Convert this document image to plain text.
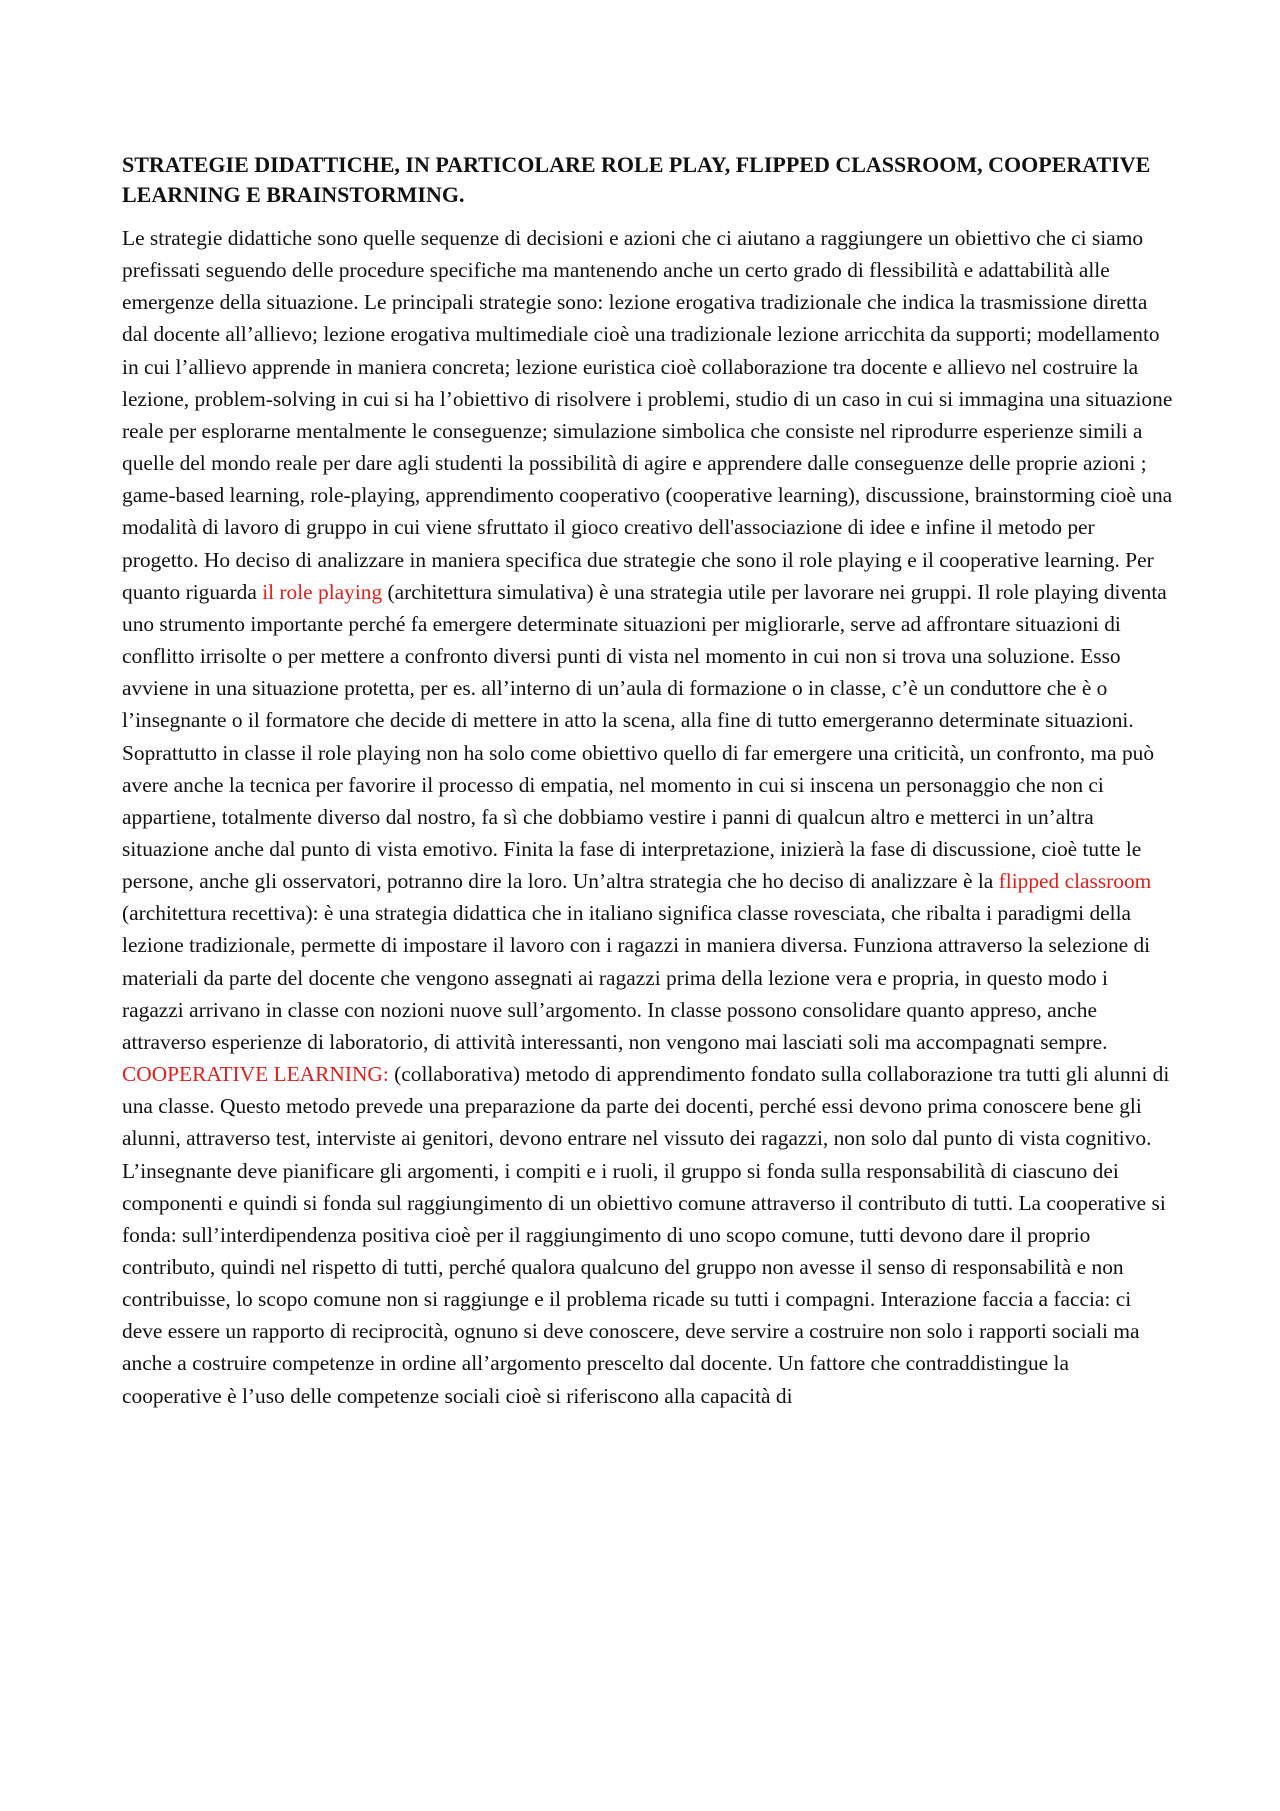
STRATEGIE DIDATTICHE, IN PARTICOLARE ROLE PLAY, FLIPPED CLASSROOM, COOPERATIVE LEARNING E BRAINSTORMING.

Le strategie didattiche sono quelle sequenze di decisioni e azioni che ci aiutano a raggiungere un obiettivo che ci siamo prefissati seguendo delle procedure specifiche ma mantenendo anche un certo grado di flessibilità e adattabilità alle emergenze della situazione. Le principali strategie sono: lezione erogativa tradizionale che indica la trasmissione diretta dal docente all’allievo; lezione erogativa multimediale cioè una tradizionale lezione arricchita da supporti; modellamento in cui l’allievo apprende in maniera concreta; lezione euristica cioè collaborazione tra docente e allievo nel costruire la lezione, problem-solving in cui si ha l’obiettivo di risolvere i problemi, studio di un caso in cui si immagina una situazione reale per esplorarne mentalmente le conseguenze; simulazione simbolica che consiste nel riprodurre esperienze simili a quelle del mondo reale per dare agli studenti la possibilità di agire e apprendere dalle conseguenze delle proprie azioni ; game-based learning, role-playing, apprendimento cooperativo (cooperative learning), discussione, brainstorming cioè una modalità di lavoro di gruppo in cui viene sfruttato il gioco creativo dell'associazione di idee e infine il metodo per progetto. Ho deciso di analizzare in maniera specifica due strategie che sono il role playing e il cooperative learning. Per quanto riguarda il role playing (architettura simulativa) è una strategia utile per lavorare nei gruppi. Il role playing diventa uno strumento importante perché fa emergere determinate situazioni per migliorarle, serve ad affrontare situazioni di conflitto irrisolte o per mettere a confronto diversi punti di vista nel momento in cui non si trova una soluzione. Esso avviene in una situazione protetta, per es. all’interno di un’aula di formazione o in classe, c’è un conduttore che è o l’insegnante o il formatore che decide di mettere in atto la scena, alla fine di tutto emergeranno determinate situazioni. Soprattutto in classe il role playing non ha solo come obiettivo quello di far emergere una criticità, un confronto, ma può avere anche la tecnica per favorire il processo di empatia, nel momento in cui si inscena un personaggio che non ci appartiene, totalmente diverso dal nostro, fa sì che dobbiamo vestire i panni di qualcun altro e metterci in un’altra situazione anche dal punto di vista emotivo. Finita la fase di interpretazione, inizierà la fase di discussione, cioè tutte le persone, anche gli osservatori, potranno dire la loro. Un’altra strategia che ho deciso di analizzare è la flipped classroom (architettura recettiva): è una strategia didattica che in italiano significa classe rovesciata, che ribalta i paradigmi della lezione tradizionale, permette di impostare il lavoro con i ragazzi in maniera diversa. Funziona attraverso la selezione di materiali da parte del docente che vengono assegnati ai ragazzi prima della lezione vera e propria, in questo modo i ragazzi arrivano in classe con nozioni nuove sull’argomento. In classe possono consolidare quanto appreso, anche attraverso esperienze di laboratorio, di attività interessanti, non vengono mai lasciati soli ma accompagnati sempre. COOPERATIVE LEARNING: (collaborativa) metodo di apprendimento fondato sulla collaborazione tra tutti gli alunni di una classe. Questo metodo prevede una preparazione da parte dei docenti, perché essi devono prima conoscere bene gli alunni, attraverso test, interviste ai genitori, devono entrare nel vissuto dei ragazzi, non solo dal punto di vista cognitivo. L’insegnante deve pianificare gli argomenti, i compiti e i ruoli, il gruppo si fonda sulla responsabilità di ciascuno dei componenti e quindi si fonda sul raggiungimento di un obiettivo comune attraverso il contributo di tutti. La cooperative si fonda: sull’interdipendenza positiva cioè per il raggiungimento di uno scopo comune, tutti devono dare il proprio contributo, quindi nel rispetto di tutti, perché qualora qualcuno del gruppo non avesse il senso di responsabilità e non contribuisse, lo scopo comune non si raggiunge e il problema ricade su tutti i compagni. Interazione faccia a faccia: ci deve essere un rapporto di reciprocità, ognuno si deve conoscere, deve servire a costruire non solo i rapporti sociali ma anche a costruire competenze in ordine all’argomento prescelto dal docente. Un fattore che contraddistingue la cooperative è l’uso delle competenze sociali cioè si riferiscono alla capacità di
